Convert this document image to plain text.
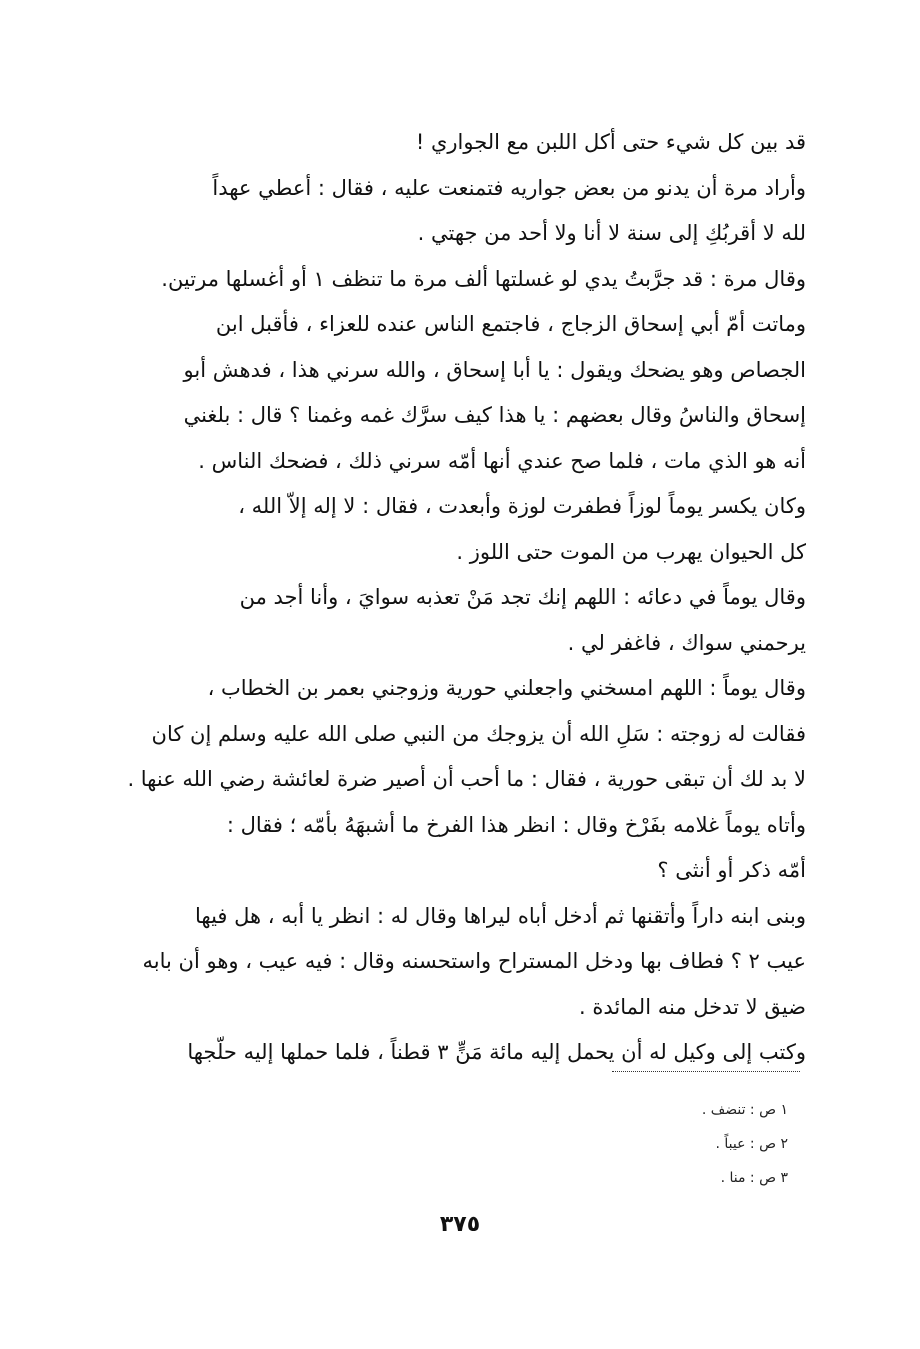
قد بين كل شيء حتى أكل اللبن مع الجواري !
وأراد مرة أن يدنو من بعض جواريه فتمنعت عليه ، فقال : أعطي عهداً
لله لا أقربُكِ إلى سنة لا أنا ولا أحد من جهتي .
وقال مرة : قد جرَّبتُ يدي لو غسلتها ألف مرة ما تنظف ١ أو أغسلها مرتين.
وماتت أمّ أبي إسحاق الزجاج ، فاجتمع الناس عنده للعزاء ، فأقبل ابن
الجصاص وهو يضحك ويقول : يا أبا إسحاق ، والله سرني هذا ، فدهش أبو
إسحاق والناسُ وقال بعضهم : يا هذا كيف سرَّك غمه وغمنا ؟ قال : بلغني
أنه هو الذي مات ، فلما صح عندي أنها أمّه سرني ذلك ، فضحك الناس .
وكان يكسر يوماً لوزاً فطفرت لوزة وأبعدت ، فقال : لا إله إلاّ الله ،
كل الحيوان يهرب من الموت حتى اللوز .
وقال يوماً في دعائه : اللهم إنك تجد مَنْ تعذبه سوايَ ، وأنا أجد من
يرحمني سواك ، فاغفر لي .
وقال يوماً : اللهم امسخني واجعلني حورية وزوجني بعمر بن الخطاب ،
فقالت له زوجته : سَلِ الله أن يزوجك من النبي صلى الله عليه وسلم إن كان
لا بد لك أن تبقى حورية ، فقال : ما أحب أن أصير ضرة لعائشة رضي الله عنها .
وأتاه يوماً غلامه بفَرْخ وقال : انظر هذا الفرخ ما أشبهَهُ بأمّه ؛ فقال :
أمّه ذكر أو أنثى ؟
وبنى ابنه داراً وأتقنها ثم أدخل أباه ليراها وقال له : انظر يا أبه ، هل فيها
عيب ٢ ؟ فطاف بها ودخل المستراح واستحسنه وقال : فيه عيب ، وهو أن بابه
ضيق لا تدخل منه المائدة .
وكتب إلى وكيل له أن يحمل إليه مائة مَنٍّ ٣ قطناً ، فلما حملها إليه حلّجها
١ ص : تنضف .
٢ ص : عيباً .
٣ ص : منا .
٣٧٥
